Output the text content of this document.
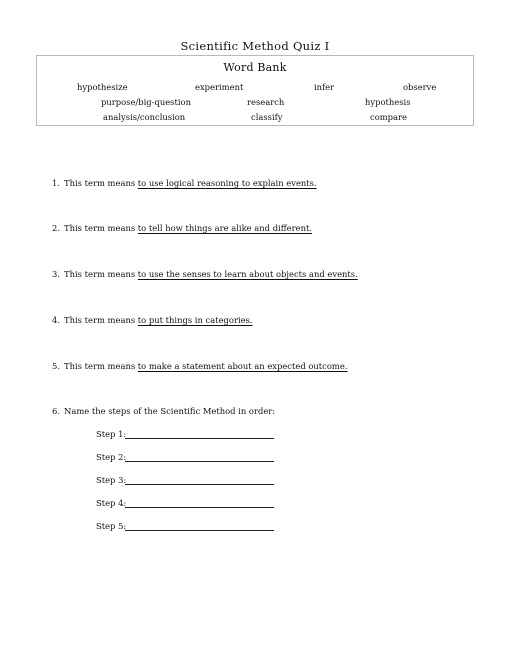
Scientific Method Quiz I
Word Bank
hypothesize	experiment	infer	observe
purpose/big-question	research	hypothesis
analysis/conclusion	classify	compare
1. This term means to use logical reasoning to explain events.
2. This term means to tell how things are alike and different.
3. This term means to use the senses to learn about objects and events.
4. This term means to put things in categories.
5. This term means to make a statement about an expected outcome.
6. Name the steps of the Scientific Method in order:
Step 1:
Step 2:
Step 3:
Step 4:
Step 5:
